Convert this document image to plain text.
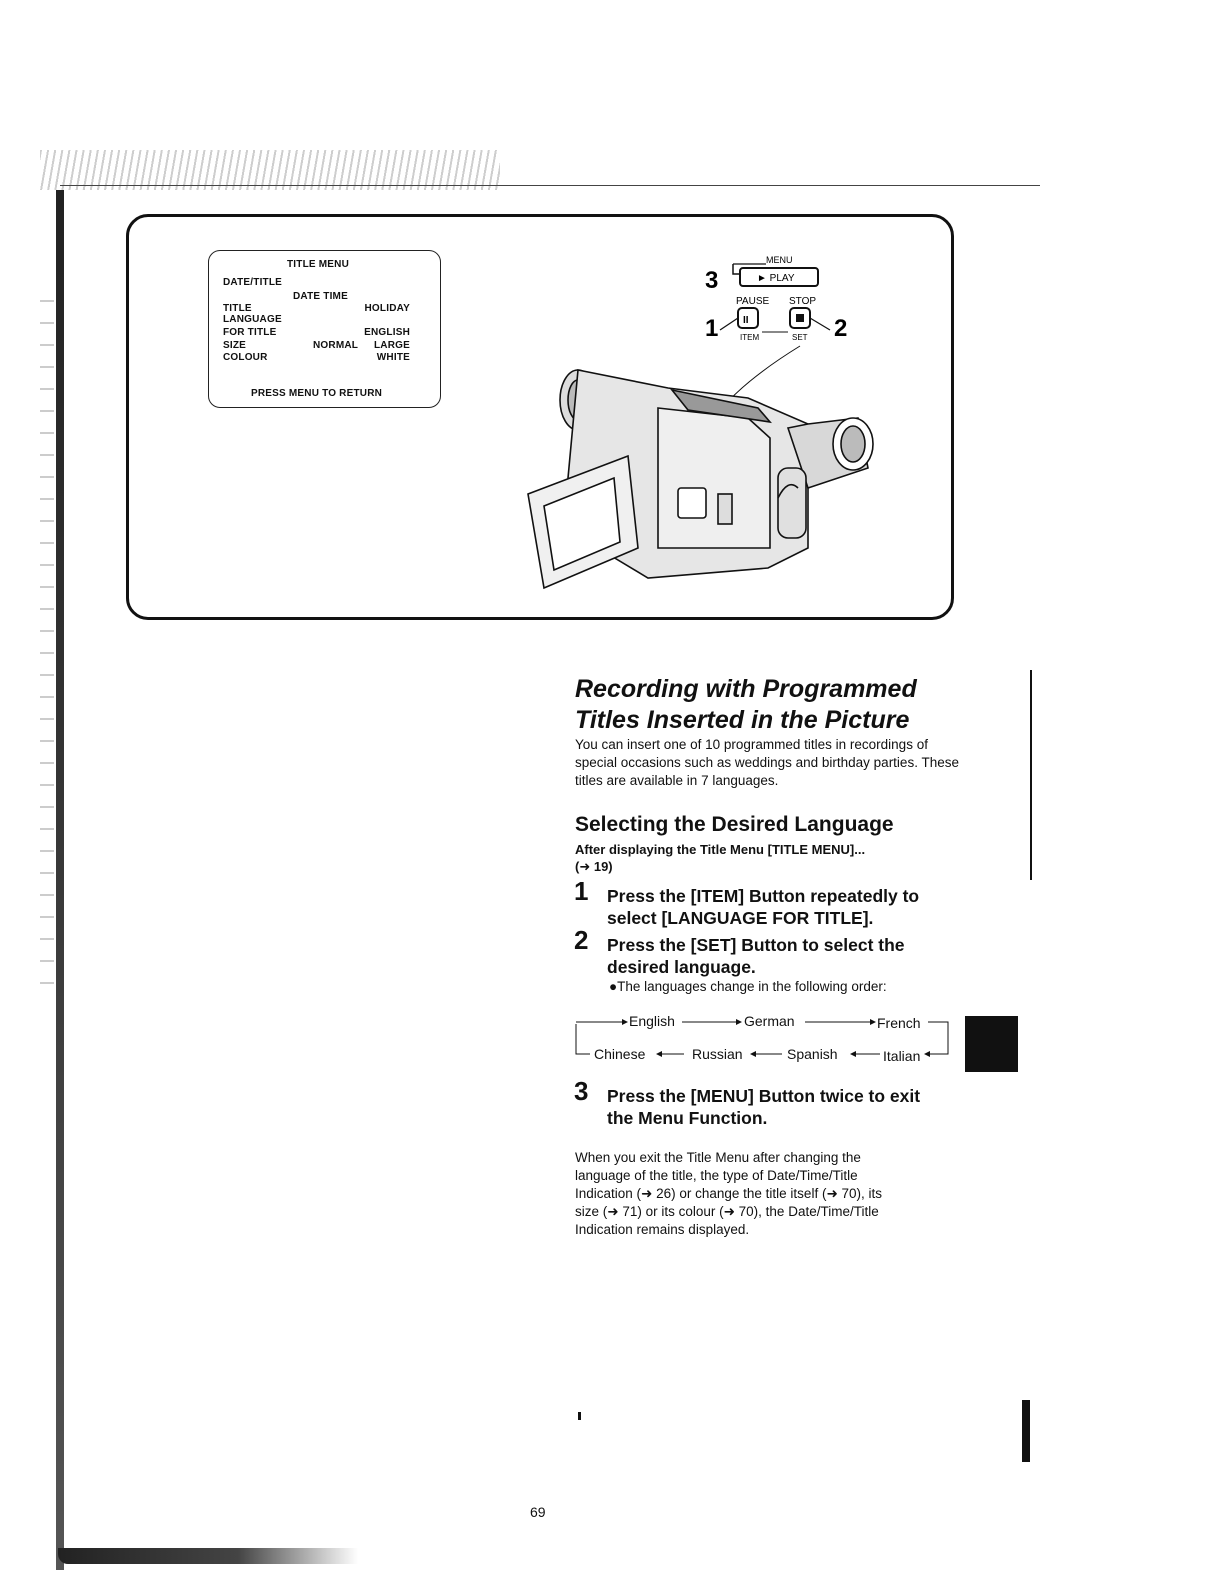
TITLE MENU
DATE/TITLE
DATE TIME
TITLE	HOLIDAY
LANGUAGE
FOR TITLE	ENGLISH
SIZE	NORMAL LARGE
COLOUR	WHITE
PRESS MENU TO RETURN
3
MENU
► PLAY
PAUSE STOP
1	2
II
ITEM	SET
Recording with Programmed
Titles Inserted in the Picture
You can insert one of 10 programmed titles in recordings of special occasions such as weddings and birthday parties. These titles are available in 7 languages.
Selecting the Desired Language
After displaying the Title Menu [TITLE MENU]...
(➜ 19)
1 Press the [ITEM] Button repeatedly to
select [LANGUAGE FOR TITLE].
2 Press the [SET] Button to select the
desired language.
●The languages change in the following order:
English	German	French
Italian
Spanish
Russian
Chinese
3 Press the [MENU] Button twice to exit
the Menu Function.
When you exit the Title Menu after changing the
language of the title, the type of Date/Time/Title
Indication (➜ 26) or change the title itself (➜ 70), its
size (➜ 71) or its colour (➜ 70), the Date/Time/Title
Indication remains displayed.
69
